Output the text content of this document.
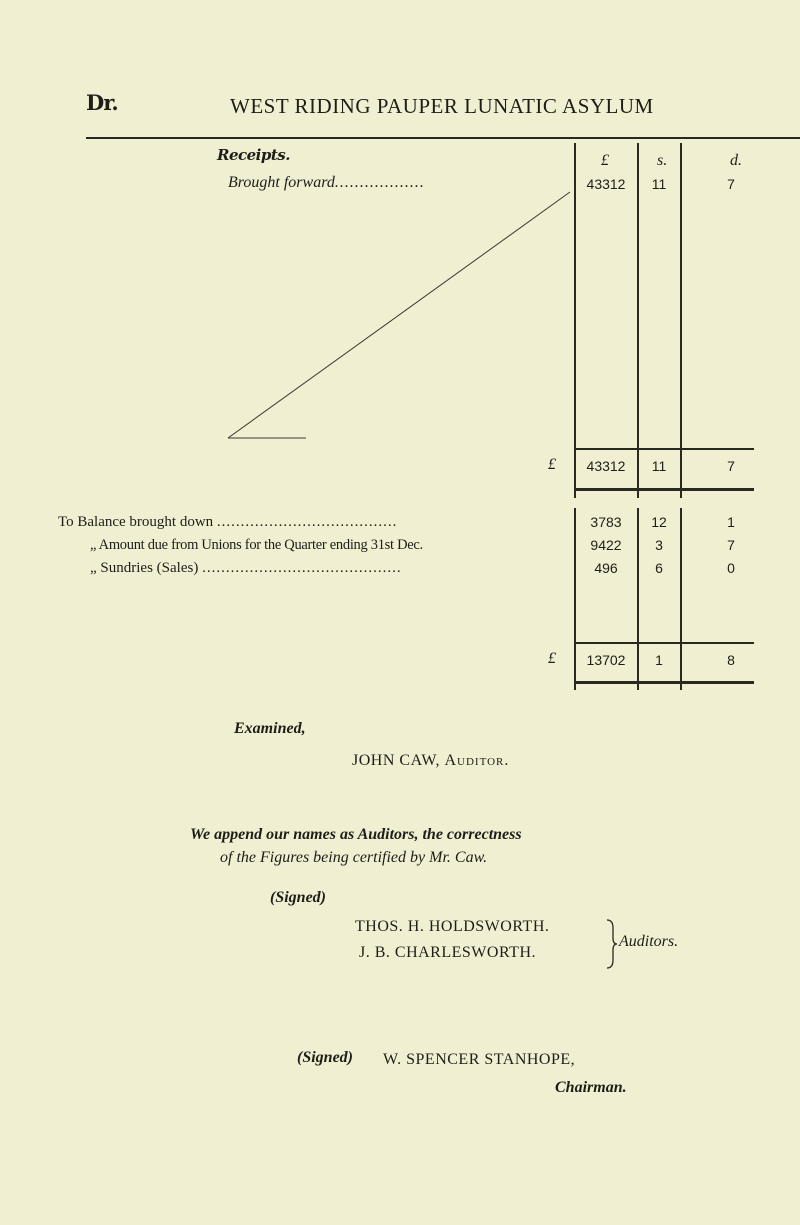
Dr.	WEST RIDING PAUPER LUNATIC ASYLUM
Receipts.	£	s.	d.
Brought forward..................	43312	11	7
£	43312	11	7
To Balance brought down ......................................	3783	12	1
„ Amount due from Unions for the Quarter ending 31st Dec.	9422	3	7
„ Sundries (Sales) ..........................................	496	6	0
£	13702	1	8
Examined,
JOHN CAW, Auditor.
We append our names as Auditors, the correctness
of the Figures being certified by Mr. Caw.
(Signed)
THOS. H. HOLDSWORTH.
J. B. CHARLESWORTH.
Auditors.
(Signed) W. SPENCER STANHOPE,
Chairman.
